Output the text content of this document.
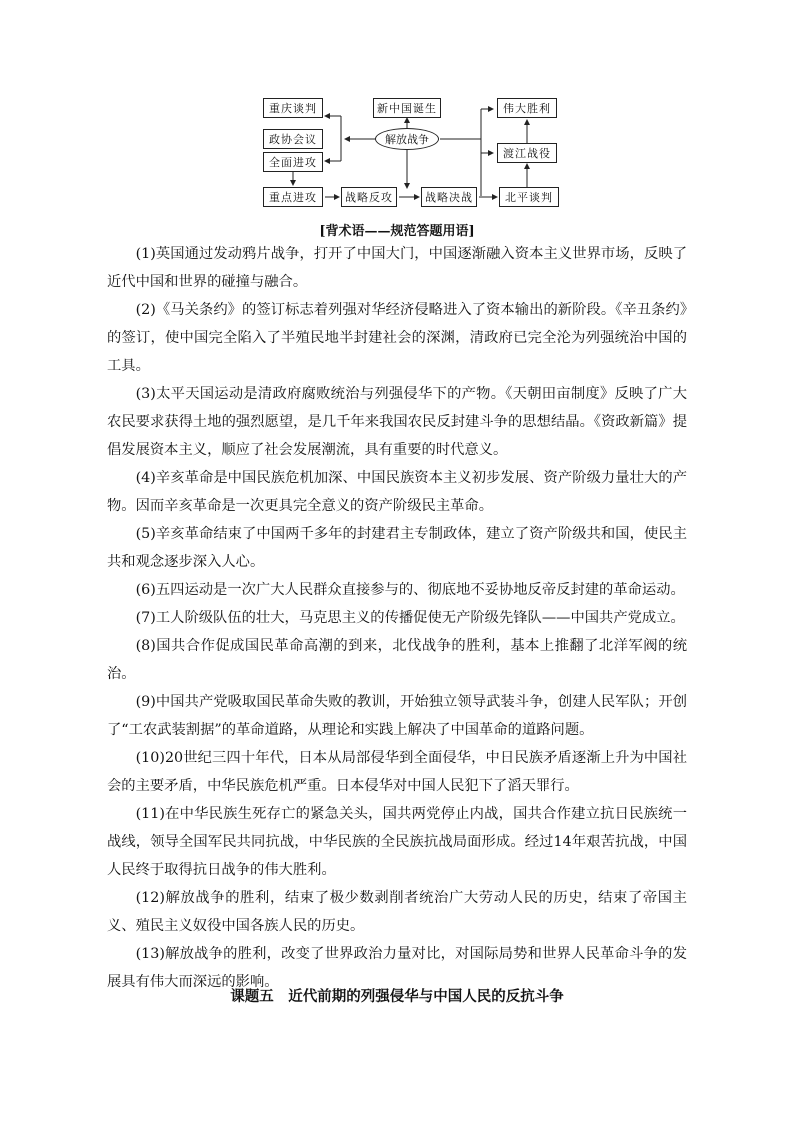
重庆谈判
政协会议
全面进攻
重点进攻	战略反攻
新中国诞生
解放战争
战略决战
伟大胜利
渡江战役
北平谈判
[背术语——规范答题用语]

(1)英国通过发动鸦片战争，打开了中国大门，中国逐渐融入资本主义世界市场，反映了近代中国和世界的碰撞与融合。

(2)《马关条约》的签订标志着列强对华经济侵略进入了资本输出的新阶段。《辛丑条约》的签订，使中国完全陷入了半殖民地半封建社会的深渊，清政府已完全沦为列强统治中国的工具。

(3)太平天国运动是清政府腐败统治与列强侵华下的产物。《天朝田亩制度》反映了广大农民要求获得土地的强烈愿望，是几千年来我国农民反封建斗争的思想结晶。《资政新篇》提倡发展资本主义，顺应了社会发展潮流，具有重要的时代意义。

(4)辛亥革命是中国民族危机加深、中国民族资本主义初步发展、资产阶级力量壮大的产物。因而辛亥革命是一次更具完全意义的资产阶级民主革命。

(5)辛亥革命结束了中国两千多年的封建君主专制政体，建立了资产阶级共和国，使民主共和观念逐步深入人心。

(6)五四运动是一次广大人民群众直接参与的、彻底地不妥协地反帝反封建的革命运动。

(7)工人阶级队伍的壮大，马克思主义的传播促使无产阶级先锋队——中国共产党成立。

(8)国共合作促成国民革命高潮的到来，北伐战争的胜利，基本上推翻了北洋军阀的统治。

(9)中国共产党吸取国民革命失败的教训，开始独立领导武装斗争，创建人民军队；开创了“工农武装割据”的革命道路，从理论和实践上解决了中国革命的道路问题。

(10)20世纪三四十年代，日本从局部侵华到全面侵华，中日民族矛盾逐渐上升为中国社会的主要矛盾，中华民族危机严重。日本侵华对中国人民犯下了滔天罪行。

(11)在中华民族生死存亡的紧急关头，国共两党停止内战，国共合作建立抗日民族统一战线，领导全国军民共同抗战，中华民族的全民族抗战局面形成。经过14年艰苦抗战，中国人民终于取得抗日战争的伟大胜利。

(12)解放战争的胜利，结束了极少数剥削者统治广大劳动人民的历史，结束了帝国主义、殖民主义奴役中国各族人民的历史。

(13)解放战争的胜利，改变了世界政治力量对比，对国际局势和世界人民革命斗争的发展具有伟大而深远的影响。

课题五　近代前期的列强侵华与中国人民的反抗斗争
